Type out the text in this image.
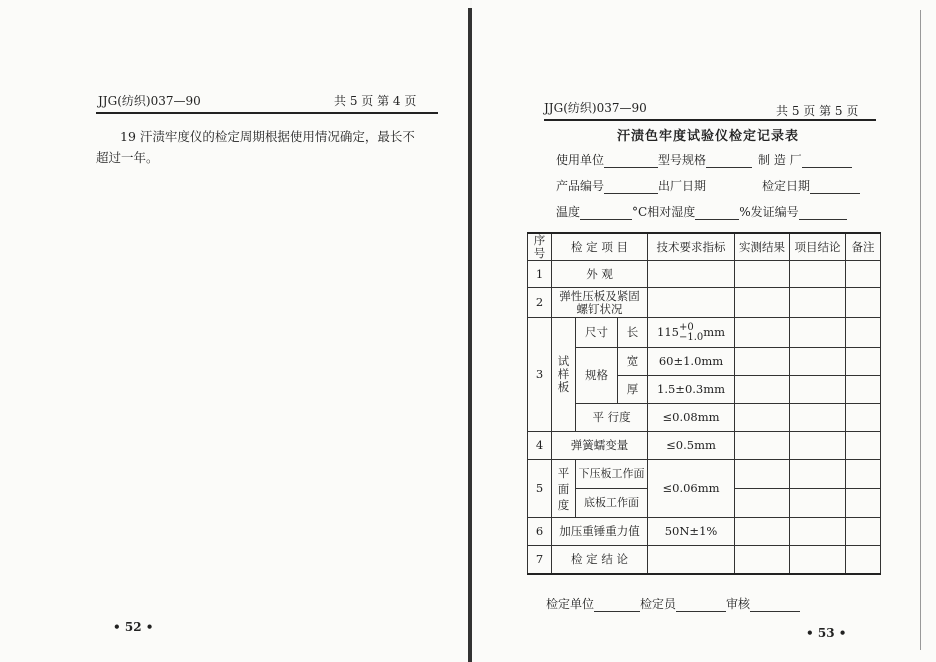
JJG(纺织)037—90	共 5 页 第 4 页
19 汗渍牢度仪的检定周期根据使用情况确定，最长不
超过一年。
• 52 •
JJG(纺织)037—90	共 5 页 第 5 页
汗渍色牢度试验仪检定记录表
使用单位	型号规格	制 造 厂
产品编号	出厂日期	检定日期
温度	°C相对湿度	%发证编号
序号	检 定 项 目			技术要求指标	实测结果	项目结论	备注
1	外 观						
2	弹性压板及紧固螺钉状况						
3	试样板	尺寸	长	115+0
−1.0mm			
		规格	宽	60±1.0mm			
			厚	1.5±0.3mm			
		平 行度		≤0.08mm			
4	弹簧蠕变量			≤0.5mm			
5	平面度	下压板工作面		≤0.06mm			
		底板工作面					
6	加压重锤重力值			50N±1%			
7	检 定 结 论						
检定单位	检定员	审核
• 53 •
